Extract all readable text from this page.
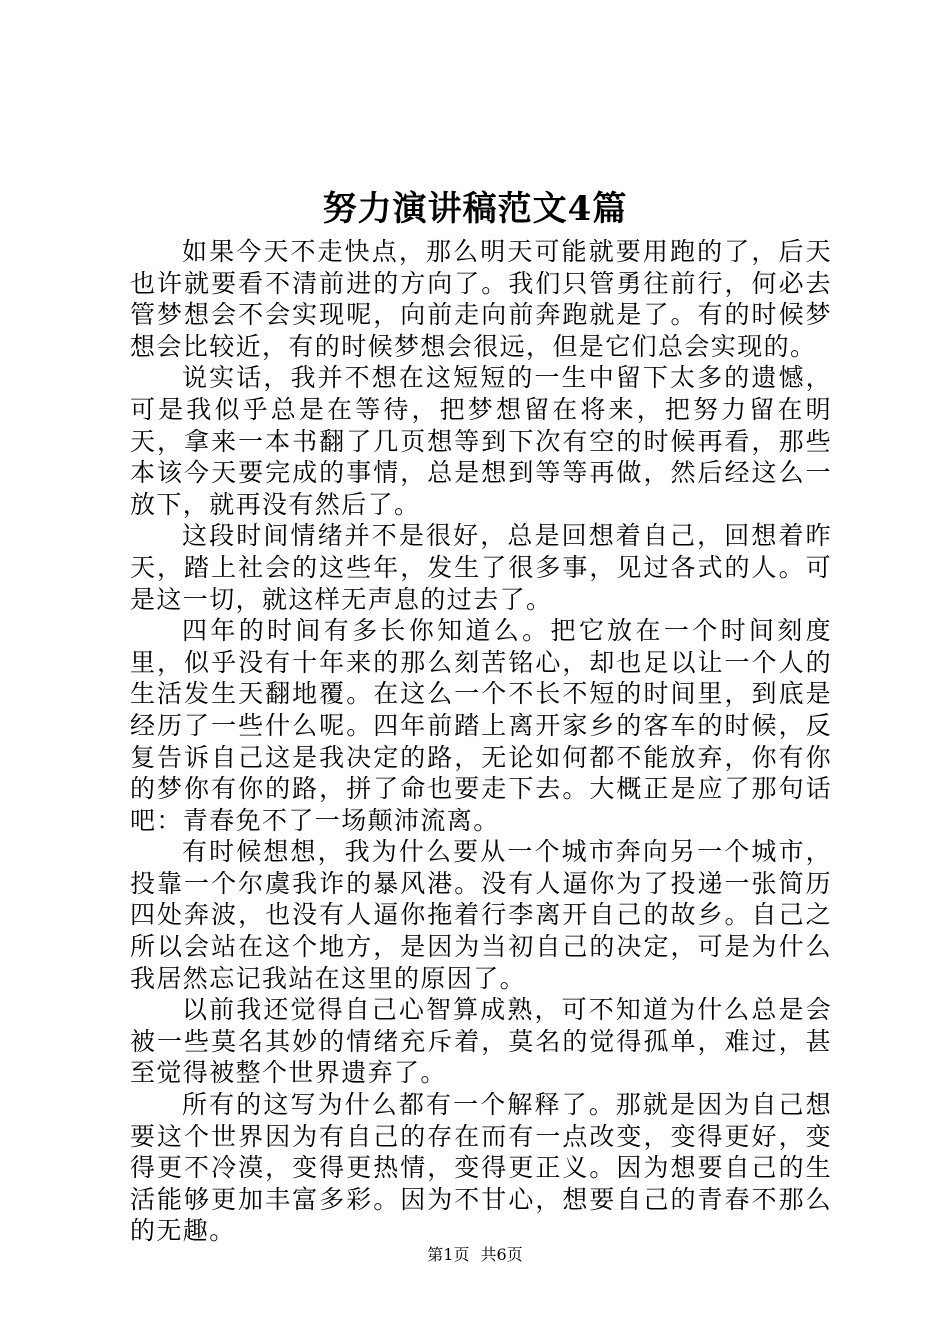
努力演讲稿范文4篇

如果今天不走快点，那么明天可能就要用跑的了，后天也许就要看不清前进的方向了。我们只管勇往前行，何必去管梦想会不会实现呢，向前走向前奔跑就是了。有的时候梦想会比较近，有的时候梦想会很远，但是它们总会实现的。

说实话，我并不想在这短短的一生中留下太多的遗憾，可是我似乎总是在等待，把梦想留在将来，把努力留在明天，拿来一本书翻了几页想等到下次有空的时候再看，那些本该今天要完成的事情，总是想到等等再做，然后经这么一放下，就再没有然后了。

这段时间情绪并不是很好，总是回想着自己，回想着昨天，踏上社会的这些年，发生了很多事，见过各式的人。可是这一切，就这样无声息的过去了。

四年的时间有多长你知道么。把它放在一个时间刻度里，似乎没有十年来的那么刻苦铭心，却也足以让一个人的生活发生天翻地覆。在这么一个不长不短的时间里，到底是经历了一些什么呢。四年前踏上离开家乡的客车的时候，反复告诉自己这是我决定的路，无论如何都不能放弃，你有你的梦你有你的路，拼了命也要走下去。大概正是应了那句话吧：青春免不了一场颠沛流离。

有时候想想，我为什么要从一个城市奔向另一个城市，投靠一个尔虞我诈的暴风港。没有人逼你为了投递一张简历四处奔波，也没有人逼你拖着行李离开自己的故乡。自己之所以会站在这个地方，是因为当初自己的决定，可是为什么我居然忘记我站在这里的原因了。

以前我还觉得自己心智算成熟，可不知道为什么总是会被一些莫名其妙的情绪充斥着，莫名的觉得孤单，难过，甚至觉得被整个世界遗弃了。

所有的这写为什么都有一个解释了。那就是因为自己想要这个世界因为有自己的存在而有一点改变，变得更好，变得更不冷漠，变得更热情，变得更正义。因为想要自己的生活能够更加丰富多彩。因为不甘心，想要自己的青春不那么的无趣。

第1页 共6页
